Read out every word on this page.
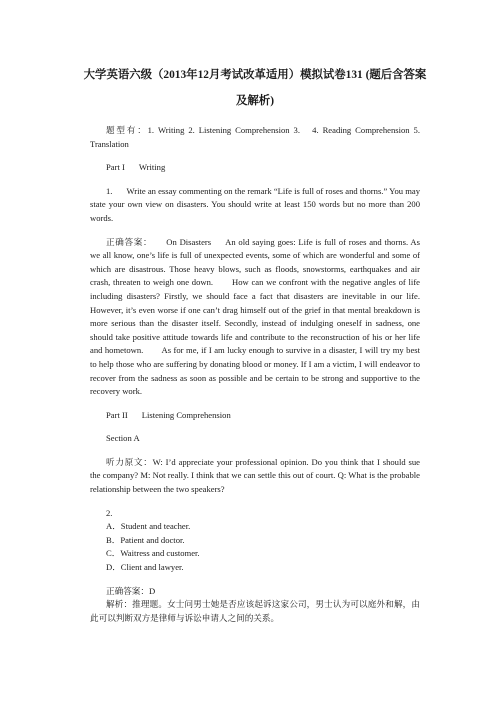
大学英语六级（2013年12月考试改革适用）模拟试卷131 (题后含答案及解析)

题型有：1. Writing 2. Listening Comprehension 3.　4. Reading Comprehension 5. Translation

Part I Writing

1. Write an essay commenting on the remark “Life is full of roses and thorns.” You may state your own view on disasters. You should write at least 150 words but no more than 200 words.

正确答案： On Disasters An old saying goes: Life is full of roses and thorns. As we all know, one’s life is full of unexpected events, some of which are wonderful and some of which are disastrous. Those heavy blows, such as floods, snowstorms, earthquakes and air crash, threaten to weigh one down.　　How can we confront with the negative angles of life including disasters? Firstly, we should face a fact that disasters are inevitable in our life. However, it’s even worse if one can’t drag himself out of the grief in that mental breakdown is more serious than the disaster itself. Secondly, instead of indulging oneself in sadness, one should take positive attitude towards life and contribute to the reconstruction of his or her life and hometown.　　As for me, if I am lucky enough to survive in a disaster, I will try my best to help those who are suffering by donating blood or money. If I am a victim, I will endeavor to recover from the sadness as soon as possible and be certain to be strong and supportive to the recovery work.

Part II Listening Comprehension

Section A

听力原文：W: I’d appreciate your professional opinion. Do you think that I should sue the company? M: Not really. I think that we can settle this out of court. Q: What is the probable relationship between the two speakers?

2.
A．Student and teacher.
B．Patient and doctor.
C．Waitress and customer.
D．Client and lawyer.

正确答案：D

解析：推理题。女士问男士她是否应该起诉这家公司，男士认为可以庭外和解，由此可以判断双方是律师与诉讼申请人之间的关系。
